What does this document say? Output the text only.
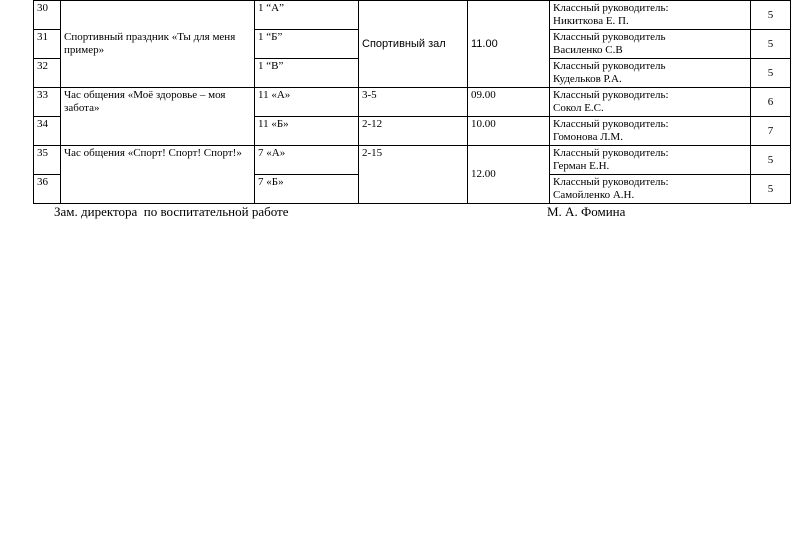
30	Спортивный праздник «Ты для меня пример»	1 “А”	Спортивный зал	11.00	Классный руководитель:
Никиткова Е. П.	5
31		1 “Б”			Классный руководитель
Василенко С.В	5
32		1 “В”			Классный руководитель
Кудельков Р.А.	5
33	Час общения «Моё здоровье – моя забота»	11 «А»	3-5	09.00	Классный руководитель:
Сокол Е.С.	6
34		11 «Б»	2-12	10.00	Классный руководитель:
Гомонова Л.М.	7
35	Час общения «Спорт! Спорт! Спорт!»	7 «А»	2-15	12.00	Классный руководитель:
Герман Е.Н.	5
36		7 «Б»			Классный руководитель:
Самойленко А.Н.	5
Зам. директора  по воспитательной работе	М. А. Фомина
